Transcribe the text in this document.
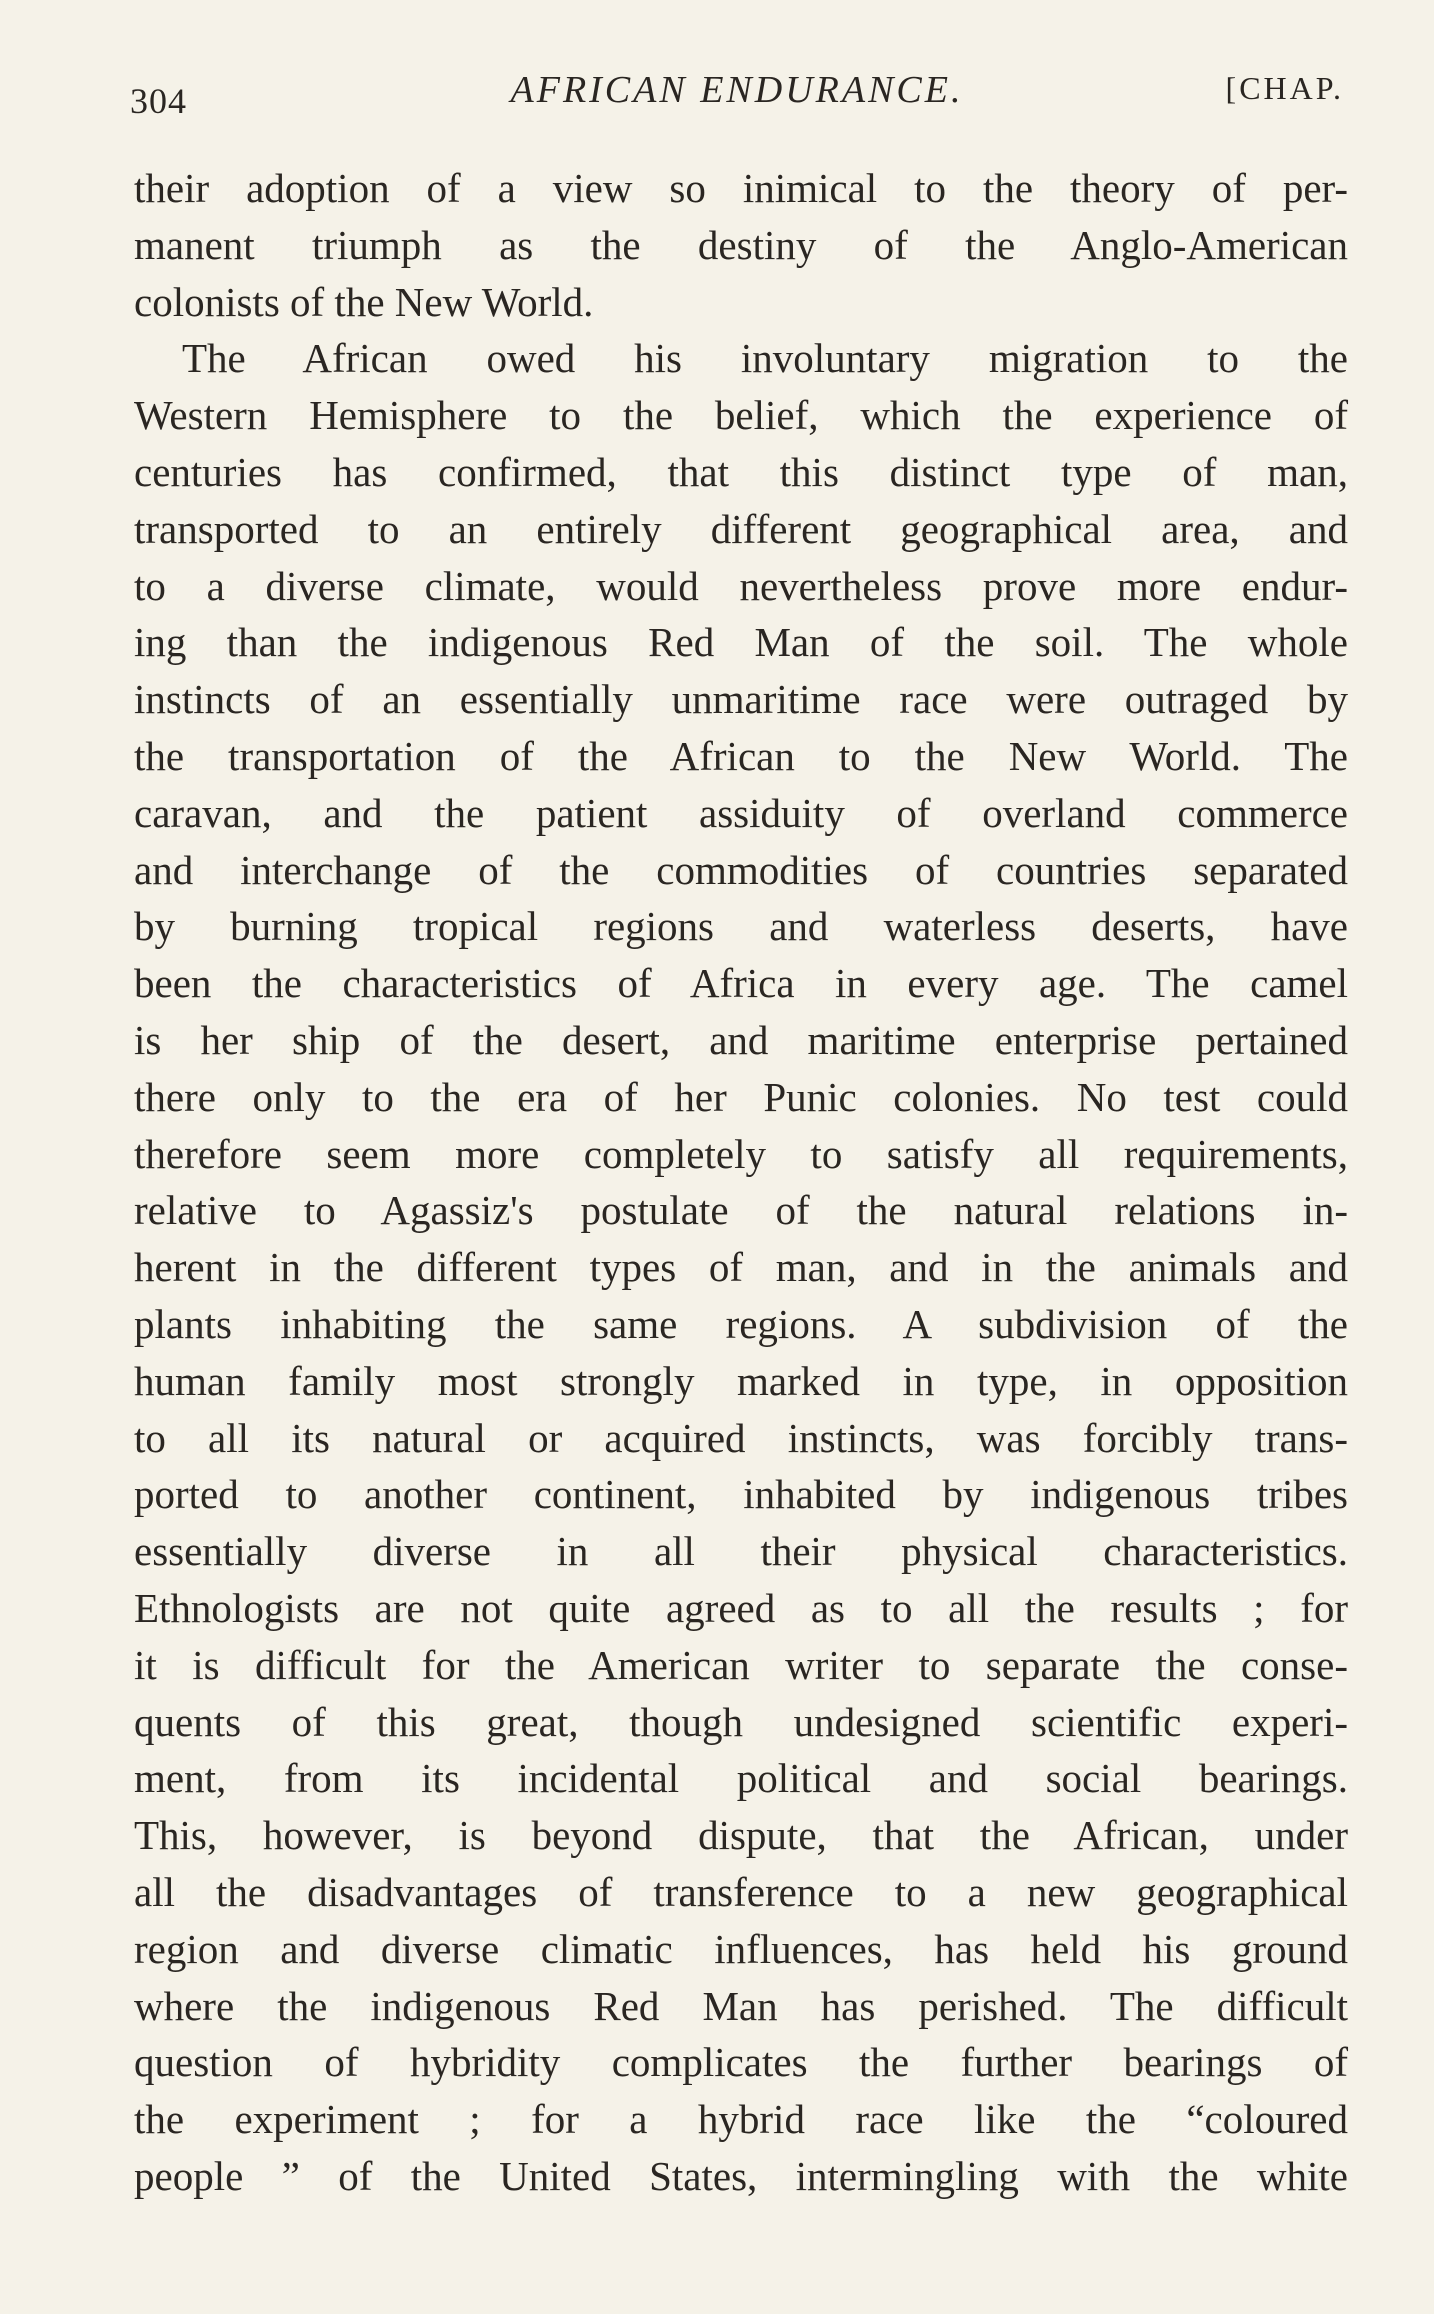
304	AFRICAN ENDURANCE.	[CHAP.
their adoption of a view so inimical to the theory of per-
manent triumph as the destiny of the Anglo-American
colonists of the New World.
The African owed his involuntary migration to the
Western Hemisphere to the belief, which the experience of
centuries has confirmed, that this distinct type of man,
transported to an entirely different geographical area, and
to a diverse climate, would nevertheless prove more endur-
ing than the indigenous Red Man of the soil. The whole
instincts of an essentially unmaritime race were outraged by
the transportation of the African to the New World. The
caravan, and the patient assiduity of overland commerce
and interchange of the commodities of countries separated
by burning tropical regions and waterless deserts, have
been the characteristics of Africa in every age. The camel
is her ship of the desert, and maritime enterprise pertained
there only to the era of her Punic colonies. No test could
therefore seem more completely to satisfy all requirements,
relative to Agassiz's postulate of the natural relations in-
herent in the different types of man, and in the animals and
plants inhabiting the same regions. A subdivision of the
human family most strongly marked in type, in opposition
to all its natural or acquired instincts, was forcibly trans-
ported to another continent, inhabited by indigenous tribes
essentially diverse in all their physical characteristics.
Ethnologists are not quite agreed as to all the results ; for
it is difficult for the American writer to separate the conse-
quents of this great, though undesigned scientific experi-
ment, from its incidental political and social bearings.
This, however, is beyond dispute, that the African, under
all the disadvantages of transference to a new geographical
region and diverse climatic influences, has held his ground
where the indigenous Red Man has perished. The difficult
question of hybridity complicates the further bearings of
the experiment ; for a hybrid race like the “coloured
people ” of the United States, intermingling with the white
